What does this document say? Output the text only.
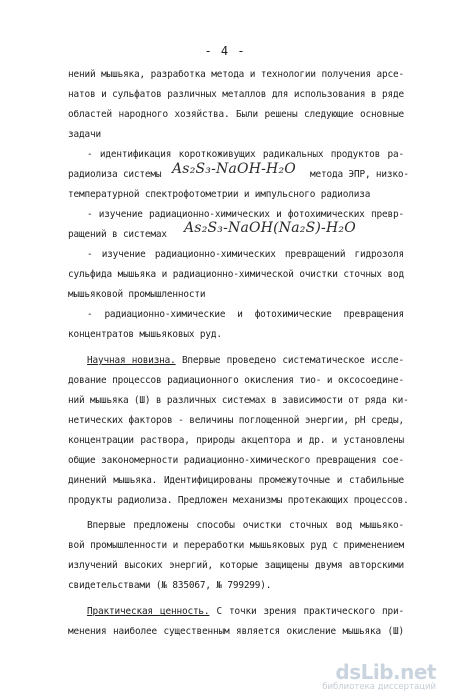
- 4 -
нений мышьяка, разработка метода и технологии получения арсе-
натов и сульфатов различных металлов для использования в ряде
областей народного хозяйства. Были решены следующие основные
задачи
- идентификация короткоживущих радикальных продуктов ра-
радиолиза системы As₂S₃-NaOH-H₂O метода ЭПР, низко-
температурной спектрофотометрии и импульсного радиолиза
- изучение радиационно-химических и фотохимических превр-
ращений в системах As₂S₃-NaOH(Na₂S)-H₂O
- изучение радиационно-химических превращений гидрозоля
сульфида мышьяка и радиационно-химической очистки сточных вод
мышьяковой промышленности
- радиационно-химические и фотохимические превращения
концентратов мышьяковых руд.
Научная новизна. Впервые проведено систематическое иссле-
дование процессов радиационного окисления тио- и оксосоедине-
ний мышьяка (Ш) в различных системах в зависимости от ряда ки-
нетических факторов - величины поглощенной энергии, рН среды,
концентрации раствора, природы акцептора и др. и установлены
общие закономерности радиационно-химического превращения сое-
динений мышьяка. Идентифицированы промежуточные и стабильные
продукты радиолиза. Предложен механизмы протекающих процессов.
Впервые предложены способы очистки сточных вод мышьяко-
вой промышленности и переработки мышьяковых руд с применением
излучений высоких энергий, которые защищены двумя авторскими
свидетельствами (№ 835067, № 799299).
Практическая ценность. С точки зрения практического при-
менения наиболее существенным является окисление мышьяка (Ш)
dsLib.net
библиотека диссертаций
